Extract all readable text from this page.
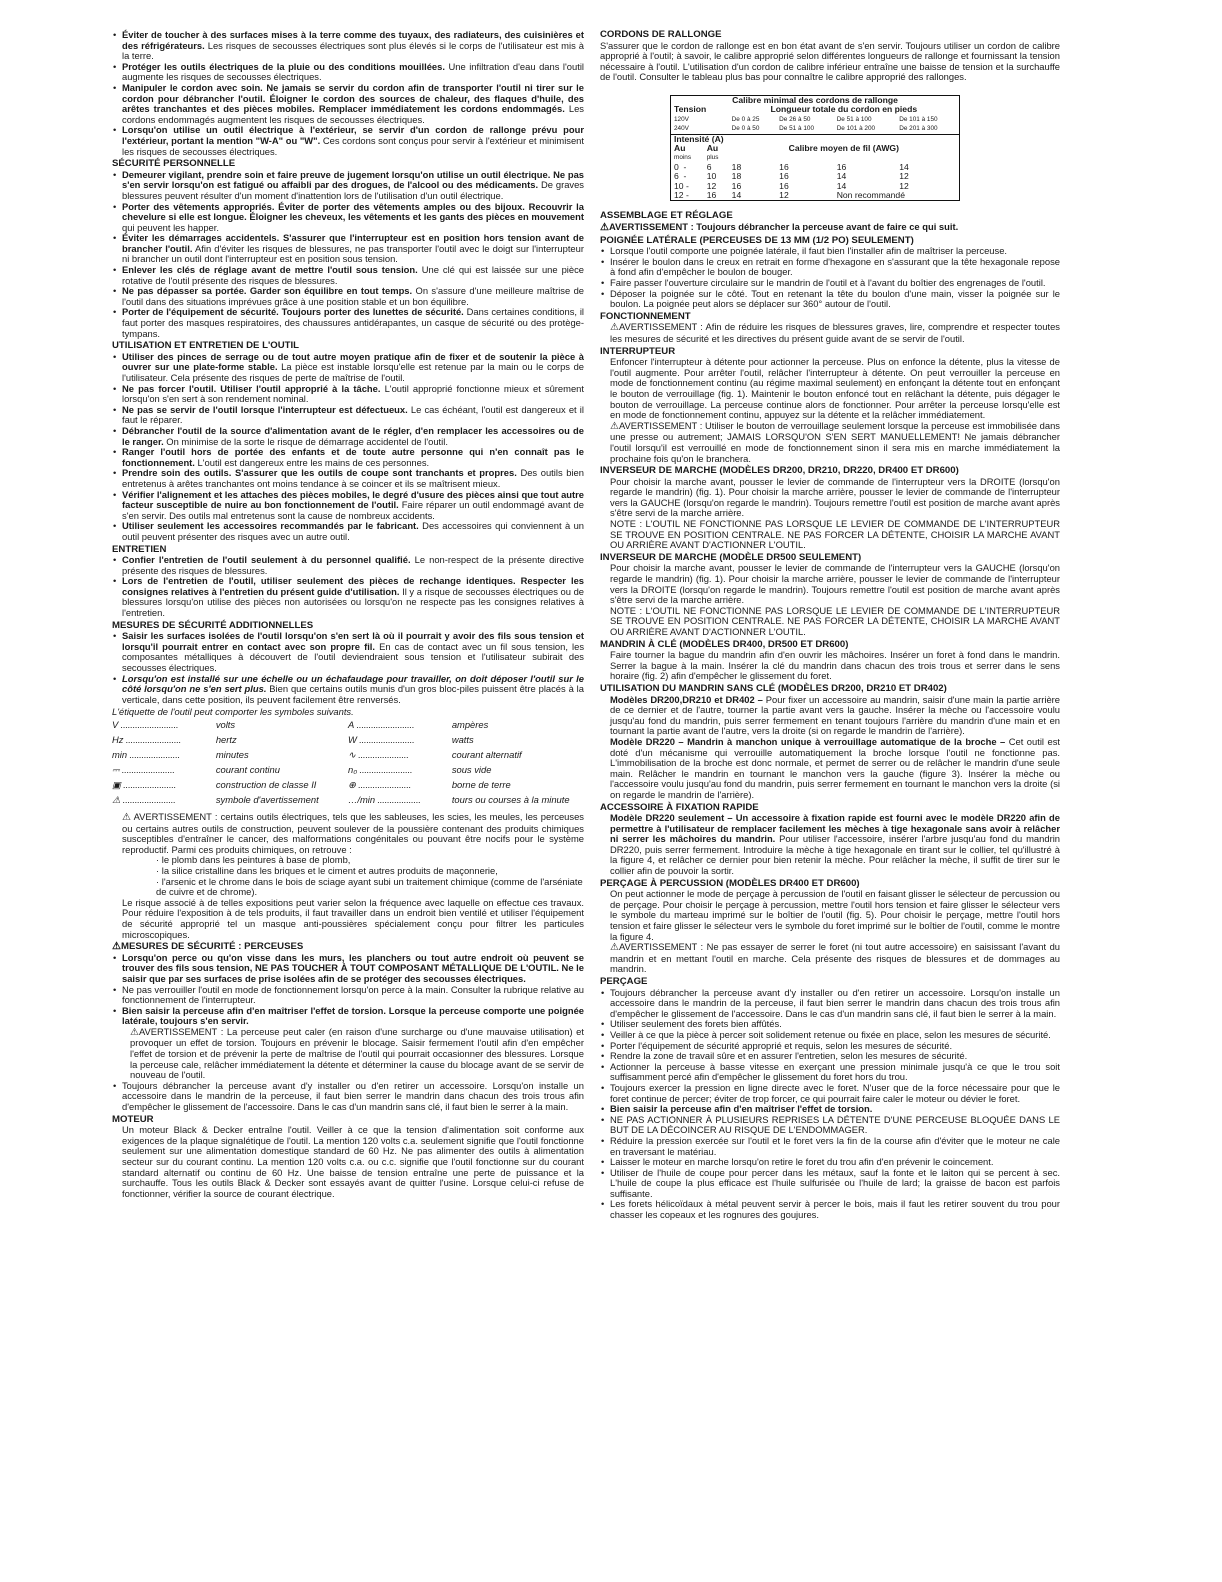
• Éviter de toucher à des surfaces mises à la terre comme des tuyaux, des radiateurs, des cuisinières et des réfrigérateurs. Les risques de secousses électriques sont plus élevés si le corps de l'utilisateur est mis à la terre.
• Protéger les outils électriques de la pluie ou des conditions mouillées. Une infiltration d'eau dans l'outil augmente les risques de secousses électriques.
• Manipuler le cordon avec soin. Ne jamais se servir du cordon afin de transporter l'outil ni tirer sur le cordon pour débrancher l'outil. Éloigner le cordon des sources de chaleur, des flaques d'huile, des arêtes tranchantes et des pièces mobiles. Remplacer immédiatement les cordons endommagés. Les cordons endommagés augmentent les risques de secousses électriques.
• Lorsqu'on utilise un outil électrique à l'extérieur, se servir d'un cordon de rallonge prévu pour l'extérieur, portant la mention "W-A" ou "W". Ces cordons sont conçus pour servir à l'extérieur et minimisent les risques de secousses électriques.
SÉCURITÉ PERSONNELLE
• Demeurer vigilant, prendre soin et faire preuve de jugement lorsqu'on utilise un outil électrique. Ne pas s'en servir lorsqu'on est fatigué ou affaibli par des drogues, de l'alcool ou des médicaments. De graves blessures peuvent résulter d'un moment d'inattention lors de l'utilisation d'un outil électrique.
• Porter des vêtements appropriés. Éviter de porter des vêtements amples ou des bijoux. Recouvrir la chevelure si elle est longue. Éloigner les cheveux, les vêtements et les gants des pièces en mouvement qui peuvent les happer.
• Éviter les démarrages accidentels. S'assurer que l'interrupteur est en position hors tension avant de brancher l'outil. Afin d'éviter les risques de blessures, ne pas transporter l'outil avec le doigt sur l'interrupteur ni brancher un outil dont l'interrupteur est en position sous tension.
• Enlever les clés de réglage avant de mettre l'outil sous tension. Une clé qui est laissée sur une pièce rotative de l'outil présente des risques de blessures.
• Ne pas dépasser sa portée. Garder son équilibre en tout temps. On s'assure d'une meilleure maîtrise de l'outil dans des situations imprévues grâce à une position stable et un bon équilibre.
• Porter de l'équipement de sécurité. Toujours porter des lunettes de sécurité. Dans certaines conditions, il faut porter des masques respiratoires, des chaussures antidérapantes, un casque de sécurité ou des protège-tympans.
UTILISATION ET ENTRETIEN DE L'OUTIL
• Utiliser des pinces de serrage ou de tout autre moyen pratique afin de fixer et de soutenir la pièce à ouvrer sur une plate-forme stable. La pièce est instable lorsqu'elle est retenue par la main ou le corps de l'utilisateur. Cela présente des risques de perte de maîtrise de l'outil.
• Ne pas forcer l'outil. Utiliser l'outil approprié à la tâche. L'outil approprié fonctionne mieux et sûrement lorsqu'on s'en sert à son rendement nominal.
• Ne pas se servir de l'outil lorsque l'interrupteur est défectueux. Le cas échéant, l'outil est dangereux et il faut le réparer.
• Débrancher l'outil de la source d'alimentation avant de le régler, d'en remplacer les accessoires ou de le ranger. On minimise de la sorte le risque de démarrage accidentel de l'outil.
• Ranger l'outil hors de portée des enfants et de toute autre personne qui n'en connaît pas le fonctionnement. L'outil est dangereux entre les mains de ces personnes.
• Prendre soin des outils. S'assurer que les outils de coupe sont tranchants et propres. Des outils bien entretenus à arêtes tranchantes ont moins tendance à se coincer et ils se maîtrisent mieux.
• Vérifier l'alignement et les attaches des pièces mobiles, le degré d'usure des pièces ainsi que tout autre facteur susceptible de nuire au bon fonctionnement de l'outil. Faire réparer un outil endommagé avant de s'en servir. Des outils mal entretenus sont la cause de nombreux accidents.
• Utiliser seulement les accessoires recommandés par le fabricant. Des accessoires qui conviennent à un outil peuvent présenter des risques avec un autre outil.
ENTRETIEN
• Confier l'entretien de l'outil seulement à du personnel qualifié. Le non-respect de la présente directive présente des risques de blessures.
• Lors de l'entretien de l'outil, utiliser seulement des pièces de rechange identiques. Respecter les consignes relatives à l'entretien du présent guide d'utilisation. Il y a risque de secousses électriques ou de blessures lorsqu'on utilise des pièces non autorisées ou lorsqu'on ne respecte pas les consignes relatives à l'entretien.
MESURES DE SÉCURITÉ ADDITIONNELLES
• Saisir les surfaces isolées de l'outil lorsqu'on s'en sert là où il pourrait y avoir des fils sous tension et lorsqu'il pourrait entrer en contact avec son propre fil. En cas de contact avec un fil sous tension, les composantes métalliques à découvert de l'outil deviendraient sous tension et l'utilisateur subirait des secousses électriques.
• Lorsqu'on est installé sur une échelle ou un échafaudage pour travailler, on doit déposer l'outil sur le côté lorsqu'on ne s'en sert plus. Bien que certains outils munis d'un gros bloc-piles puissent être placés à la verticale, dans cette position, ils peuvent facilement être renversés.

L'étiquette de l'outil peut comporter les symboles suivants.

V ........................	volts	A ........................	ampères
Hz .......................	hertz	W .......................	watts
min .....................	minutes	∿ .....................	courant alternatif
⎓ ......................	courant continu	n₀ ......................	sous vide
▣ ......................	construction de classe II	⊕ ......................	borne de terre
⚠ ......................	symbole d'avertissement	…/min ..................	tours ou courses à la minute

⚠ AVERTISSEMENT : certains outils électriques, tels que les sableuses, les scies, les meules, les perceuses ou certains autres outils de construction, peuvent soulever de la poussière contenant des produits chimiques susceptibles d'entraîner le cancer, des malformations congénitales ou pouvant être nocifs pour le système reproductif. Parmi ces produits chimiques, on retrouve :

· le plomb dans les peintures à base de plomb,
· la silice cristalline dans les briques et le ciment et autres produits de maçonnerie,
· l'arsenic et le chrome dans le bois de sciage ayant subi un traitement chimique (comme de l'arséniate de cuivre et de chrome).

Le risque associé à de telles expositions peut varier selon la fréquence avec laquelle on effectue ces travaux. Pour réduire l'exposition à de tels produits, il faut travailler dans un endroit bien ventilé et utiliser l'équipement de sécurité approprié tel un masque anti-poussières spécialement conçu pour filtrer les particules microscopiques.

⚠MESURES DE SÉCURITÉ : PERCEUSES
• Lorsqu'on perce ou qu'on visse dans les murs, les planchers ou tout autre endroit où peuvent se trouver des fils sous tension, NE PAS TOUCHER À TOUT COMPOSANT MÉTALLIQUE DE L'OUTIL. Ne le saisir que par ses surfaces de prise isolées afin de se protéger des secousses électriques.
• Ne pas verrouiller l'outil en mode de fonctionnement lorsqu'on perce à la main. Consulter la rubrique relative au fonctionnement de l'interrupteur.
• Bien saisir la perceuse afin d'en maîtriser l'effet de torsion. Lorsque la perceuse comporte une poignée latérale, toujours s'en servir.

⚠AVERTISSEMENT : La perceuse peut caler (en raison d'une surcharge ou d'une mauvaise utilisation) et provoquer un effet de torsion. Toujours en prévenir le blocage. Saisir fermement l'outil afin d'en empêcher l'effet de torsion et de prévenir la perte de maîtrise de l'outil qui pourrait occasionner des blessures. Lorsque la perceuse cale, relâcher immédiatement la détente et déterminer la cause du blocage avant de se servir de nouveau de l'outil.

• Toujours débrancher la perceuse avant d'y installer ou d'en retirer un accessoire. Lorsqu'on installe un accessoire dans le mandrin de la perceuse, il faut bien serrer le mandrin dans chacun des trois trous afin d'empêcher le glissement de l'accessoire. Dans le cas d'un mandrin sans clé, il faut bien le serrer à la main.
MOTEUR

Un moteur Black & Decker entraîne l'outil. Veiller à ce que la tension d'alimentation soit conforme aux exigences de la plaque signalétique de l'outil. La mention 120 volts c.a. seulement signifie que l'outil fonctionne seulement sur une alimentation domestique standard de 60 Hz. Ne pas alimenter des outils à alimentation secteur sur du courant continu. La mention 120 volts c.a. ou c.c. signifie que l'outil fonctionne sur du courant standard alternatif ou continu de 60 Hz. Une baisse de tension entraîne une perte de puissance et la surchauffe. Tous les outils Black & Decker sont essayés avant de quitter l'usine. Lorsque celui-ci refuse de fonctionner, vérifier la source de courant électrique.

CORDONS DE RALLONGE

S'assurer que le cordon de rallonge est en bon état avant de s'en servir. Toujours utiliser un cordon de calibre approprié à l'outil; à savoir, le calibre approprié selon différentes longueurs de rallonge et fournissant la tension nécessaire à l'outil. L'utilisation d'un cordon de calibre inférieur entraîne une baisse de tension et la surchauffe de l'outil. Consulter le tableau plus bas pour connaître le calibre approprié des rallonges.

Calibre minimal des cordons de rallonge					
Tension		Longueur totale du cordon en pieds			
120V		De 0 à 25	De 26 à 50	De 51 à 100	De 101 à 150
240V		De 0 à 50	De 51 à 100	De 101 à 200	De 201 à 300
Intensité (A)					
Au	Au	Calibre moyen de fil (AWG)			
moins	plus				
0  -	6	18	16	16	14
6  -	10	18	16	14	12
10 -	12	16	16	14	12
12 -	16	14	12	Non recommandé	
ASSEMBLAGE ET RÉGLAGE

⚠AVERTISSEMENT : Toujours débrancher la perceuse avant de faire ce qui suit.

POIGNÉE LATÉRALE (PERCEUSES DE 13 MM (1/2 PO) SEULEMENT)
• Lorsque l'outil comporte une poignée latérale, il faut bien l'installer afin de maîtriser la perceuse.
• Insérer le boulon dans le creux en retrait en forme d'hexagone en s'assurant que la tête hexagonale repose à fond afin d'empêcher le boulon de bouger.
• Faire passer l'ouverture circulaire sur le mandrin de l'outil et à l'avant du boîtier des engrenages de l'outil.
• Déposer la poignée sur le côté. Tout en retenant la tête du boulon d'une main, visser la poignée sur le boulon. La poignée peut alors se déplacer sur 360° autour de l'outil.
FONCTIONNEMENT

⚠AVERTISSEMENT : Afin de réduire les risques de blessures graves, lire, comprendre et respecter toutes les mesures de sécurité et les directives du présent guide avant de se servir de l'outil.

INTERRUPTEUR

Enfoncer l'interrupteur à détente pour actionner la perceuse. Plus on enfonce la détente, plus la vitesse de l'outil augmente. Pour arrêter l'outil, relâcher l'interrupteur à détente. On peut verrouiller la perceuse en mode de fonctionnement continu (au régime maximal seulement) en enfonçant la détente tout en enfonçant le bouton de verrouillage (fig. 1). Maintenir le bouton enfoncé tout en relâchant la détente, puis dégager le bouton de verrouillage. La perceuse continue alors de fonctionner. Pour arrêter la perceuse lorsqu'elle est en mode de fonctionnement continu, appuyez sur la détente et la relâcher immédiatement.

⚠AVERTISSEMENT : Utiliser le bouton de verrouillage seulement lorsque la perceuse est immobilisée dans une presse ou autrement; JAMAIS LORSQU'ON S'EN SERT MANUELLEMENT! Ne jamais débrancher l'outil lorsqu'il est verrouillé en mode de fonctionnement sinon il sera mis en marche immédiatement la prochaine fois qu'on le branchera.

INVERSEUR DE MARCHE (MODÈLES DR200, DR210, DR220, DR400 ET DR600)

Pour choisir la marche avant, pousser le levier de commande de l'interrupteur vers la DROITE (lorsqu'on regarde le mandrin) (fig. 1). Pour choisir la marche arrière, pousser le levier de commande de l'interrupteur vers la GAUCHE (lorsqu'on regarde le mandrin). Toujours remettre l'outil est position de marche avant après s'être servi de la marche arrière.

NOTE : L'OUTIL NE FONCTIONNE PAS LORSQUE LE LEVIER DE COMMANDE DE L'INTERRUPTEUR SE TROUVE EN POSITION CENTRALE. NE PAS FORCER LA DÉTENTE, CHOISIR LA MARCHE AVANT OU ARRIÈRE AVANT D'ACTIONNER L'OUTIL.

INVERSEUR DE MARCHE (MODÈLE DR500 SEULEMENT)

Pour choisir la marche avant, pousser le levier de commande de l'interrupteur vers la GAUCHE (lorsqu'on regarde le mandrin) (fig. 1). Pour choisir la marche arrière, pousser le levier de commande de l'interrupteur vers la DROITE (lorsqu'on regarde le mandrin). Toujours remettre l'outil est position de marche avant après s'être servi de la marche arrière.

NOTE : L'OUTIL NE FONCTIONNE PAS LORSQUE LE LEVIER DE COMMANDE DE L'INTERRUPTEUR SE TROUVE EN POSITION CENTRALE. NE PAS FORCER LA DÉTENTE, CHOISIR LA MARCHE AVANT OU ARRIÈRE AVANT D'ACTIONNER L'OUTIL.

MANDRIN À CLÉ (MODÈLES DR400, DR500 ET DR600)

Faire tourner la bague du mandrin afin d'en ouvrir les mâchoires. Insérer un foret à fond dans le mandrin. Serrer la bague à la main. Insérer la clé du mandrin dans chacun des trois trous et serrer dans le sens horaire (fig. 2) afin d'empêcher le glissement du foret.

UTILISATION DU MANDRIN SANS CLÉ (MODÈLES DR200, DR210 ET DR402)

Modèles DR200,DR210 et DR402 – Pour fixer un accessoire au mandrin, saisir d'une main la partie arrière de ce dernier et de l'autre, tourner la partie avant vers la gauche. Insérer la mèche ou l'accessoire voulu jusqu'au fond du mandrin, puis serrer fermement en tenant toujours l'arrière du mandrin d'une main et en tournant la partie avant de l'autre, vers la droite (si on regarde le mandrin de l'arrière).

Modèle DR220 – Mandrin à manchon unique à verrouillage automatique de la broche – Cet outil est doté d'un mécanisme qui verrouille automatiquement la broche lorsque l'outil ne fonctionne pas. L'immobilisation de la broche est donc normale, et permet de serrer ou de relâcher le mandrin d'une seule main. Relâcher le mandrin en tournant le manchon vers la gauche (figure 3). Insérer la mèche ou l'accessoire voulu jusqu'au fond du mandrin, puis serrer fermement en tournant le manchon vers la droite (si on regarde le mandrin de l'arrière).

ACCESSOIRE À FIXATION RAPIDE

Modèle DR220 seulement – Un accessoire à fixation rapide est fourni avec le modèle DR220 afin de permettre à l'utilisateur de remplacer facilement les mèches à tige hexagonale sans avoir à relâcher ni serrer les mâchoires du mandrin. Pour utiliser l'accessoire, insérer l'arbre jusqu'au fond du mandrin DR220, puis serrer fermement. Introduire la mèche à tige hexagonale en tirant sur le collier, tel qu'illustré à la figure 4, et relâcher ce dernier pour bien retenir la mèche. Pour relâcher la mèche, il suffit de tirer sur le collier afin de pouvoir la sortir.

PERÇAGE À PERCUSSION (MODÈLES DR400 ET DR600)

On peut actionner le mode de perçage à percussion de l'outil en faisant glisser le sélecteur de percussion ou de perçage. Pour choisir le perçage à percussion, mettre l'outil hors tension et faire glisser le sélecteur vers le symbole du marteau imprimé sur le boîtier de l'outil (fig. 5). Pour choisir le perçage, mettre l'outil hors tension et faire glisser le sélecteur vers le symbole du foret imprimé sur le boîtier de l'outil, comme le montre la figure 4.

⚠AVERTISSEMENT : Ne pas essayer de serrer le foret (ni tout autre accessoire) en saisissant l'avant du mandrin et en mettant l'outil en marche. Cela présente des risques de blessures et de dommages au mandrin.

PERÇAGE
• Toujours débrancher la perceuse avant d'y installer ou d'en retirer un accessoire. Lorsqu'on installe un accessoire dans le mandrin de la perceuse, il faut bien serrer le mandrin dans chacun des trois trous afin d'empêcher le glissement de l'accessoire. Dans le cas d'un mandrin sans clé, il faut bien le serrer à la main.
• Utiliser seulement des forets bien affûtés.
• Veiller à ce que la pièce à percer soit solidement retenue ou fixée en place, selon les mesures de sécurité.
• Porter l'équipement de sécurité approprié et requis, selon les mesures de sécurité.
• Rendre la zone de travail sûre et en assurer l'entretien, selon les mesures de sécurité.
• Actionner la perceuse à basse vitesse en exerçant une pression minimale jusqu'à ce que le trou soit suffisamment percé afin d'empêcher le glissement du foret hors du trou.
• Toujours exercer la pression en ligne directe avec le foret. N'user que de la force nécessaire pour que le foret continue de percer; éviter de trop forcer, ce qui pourrait faire caler le moteur ou dévier le foret.
• Bien saisir la perceuse afin d'en maîtriser l'effet de torsion.
• NE PAS ACTIONNER À PLUSIEURS REPRISES LA DÉTENTE D'UNE PERCEUSE BLOQUÉE DANS LE BUT DE LA DÉCOINCER AU RISQUE DE L'ENDOMMAGER.
• Réduire la pression exercée sur l'outil et le foret vers la fin de la course afin d'éviter que le moteur ne cale en traversant le matériau.
• Laisser le moteur en marche lorsqu'on retire le foret du trou afin d'en prévenir le coincement.
• Utiliser de l'huile de coupe pour percer dans les métaux, sauf la fonte et le laiton qui se percent à sec. L'huile de coupe la plus efficace est l'huile sulfurisée ou l'huile de lard; la graisse de bacon est parfois suffisante.
• Les forets hélicoïdaux à métal peuvent servir à percer le bois, mais il faut les retirer souvent du trou pour chasser les copeaux et les rognures des goujures.
